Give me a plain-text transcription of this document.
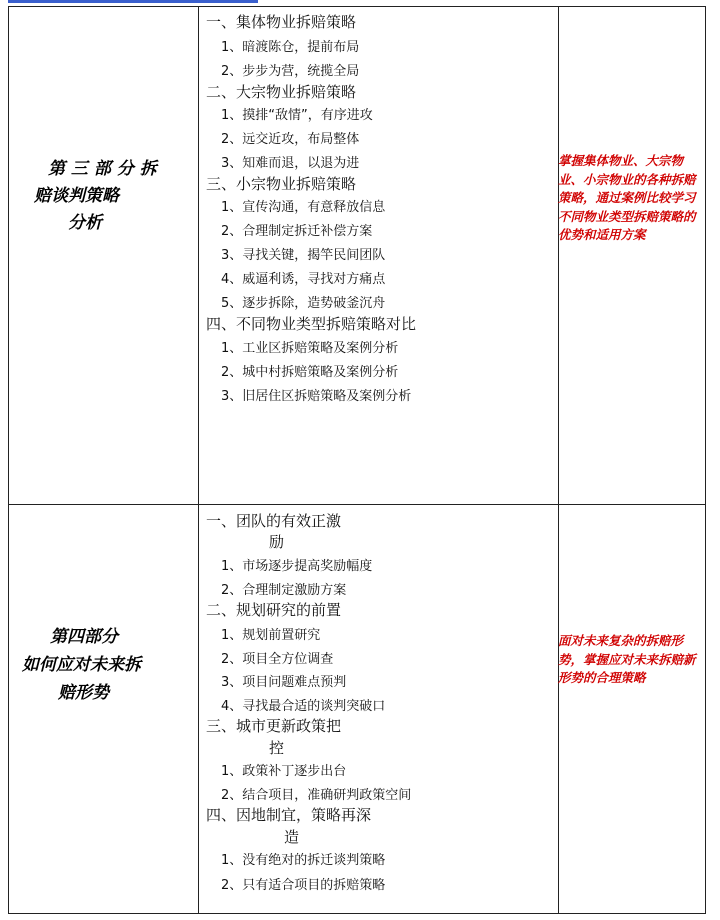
第 三 部 分 拆
赔谈判策略
分析
一、集体物业拆赔策略
1、暗渡陈仓，提前布局
2、步步为营，统揽全局
二、大宗物业拆赔策略
1、摸排“敌情”，有序进攻
2、远交近攻，布局整体
3、知难而退，以退为进
三、小宗物业拆赔策略
1、宣传沟通，有意释放信息
2、合理制定拆迁补偿方案
3、寻找关键，揭竿民间团队
4、威逼利诱，寻找对方痛点
5、逐步拆除，造势破釜沉舟
四、不同物业类型拆赔策略对比
1、工业区拆赔策略及案例分析
2、城中村拆赔策略及案例分析
3、旧居住区拆赔策略及案例分析
掌握集体物业、大宗物业、小宗物业的各种拆赔策略，通过案例比较学习不同物业类型拆赔策略的优势和适用方案
第四部分
如何应对未来拆
赔形势
一、团队的有效正激
励
1、市场逐步提高奖励幅度
2、合理制定激励方案
二、规划研究的前置
1、规划前置研究
2、项目全方位调查
3、项目问题难点预判
4、寻找最合适的谈判突破口
三、城市更新政策把
控
1、政策补丁逐步出台
2、结合项目，准确研判政策空间
四、因地制宜，策略再深
造
1、没有绝对的拆迁谈判策略
2、只有适合项目的拆赔策略
面对未来复杂的拆赔形势，掌握应对未来拆赔新形势的合理策略
